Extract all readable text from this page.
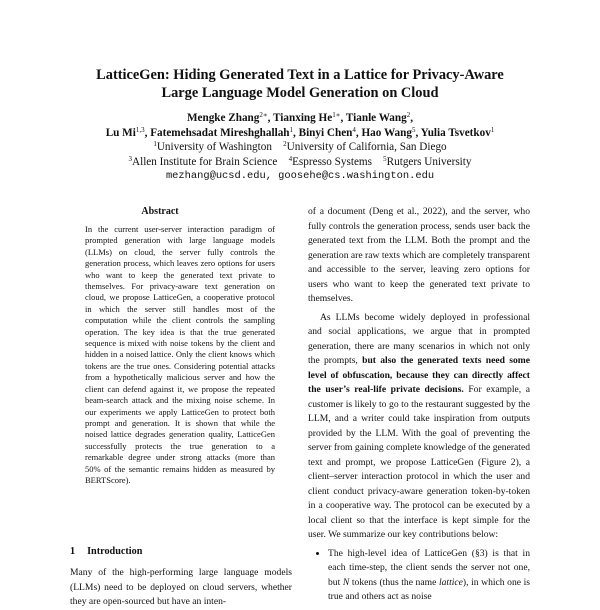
LatticeGen: Hiding Generated Text in a Lattice for Privacy-Aware
Large Language Model Generation on Cloud
Mengke Zhang$^{2∗}$, Tianxing $He^{1∗}$, Tianle Wang$^2$,
Lu Mi$^{1,3}$, Fatemehsadat Mireshghallah$^1$, Binyi Chen$^4$, Hao Wang$^5$, Yulia Tsvetkov$^1$
$^1$University of Washington $^2$University of California, San Diego
$^3$Allen Institute for Brain Science $^4$Espresso Systems $^5$Rutgers University
mezhang@ucsd.edu, goosehe@cs.washington.edu
Abstract
In the current user-server interaction paradigm of prompted generation with large language models (LLMs) on cloud, the server fully controls the generation process, which leaves zero options for users who want to keep the generated text private to themselves. For privacy-aware text generation on cloud, we propose LatticeGen, a cooperative protocol in which the server still handles most of the computation while the client controls the sampling operation. The key idea is that the true generated sequence is mixed with noise tokens by the client and hidden in a noised lattice. Only the client knows which tokens are the true ones. Considering potential attacks from a hypothetically malicious server and how the client can defend against it, we propose the repeated beam-search attack and the mixing noise scheme. In our experiments we apply LatticeGen to protect both prompt and generation. It is shown that while the noised lattice degrades generation quality, LatticeGen successfully protects the true generation to a remarkable degree under strong attacks (more than 50% of the semantic remains hidden as measured by BERTScore).
1 Introduction
Many of the high-performing large language models (LLMs) need to be deployed on cloud servers, whether they are open-sourced but have an inten-

of a document (Deng et al., 2022), and the server, who fully controls the generation process, sends user back the generated text from the LLM. Both the prompt and the generation are raw texts which are completely transparent and accessible to the server, leaving zero options for users who want to keep the generated text private to themselves.

As LLMs become widely deployed in professional and social applications, we argue that in prompted generation, there are many scenarios in which not only the prompts, but also the generated texts need some level of obfuscation, because they can directly affect the user’s real-life private decisions. For example, a customer is likely to go to the restaurant suggested by the LLM, and a writer could take inspiration from outputs provided by the LLM. With the goal of preventing the server from gaining complete knowledge of the generated text and prompt, we propose LatticeGen (Figure 2), a client–server interaction protocol in which the user and client conduct privacy-aware generation token-by-token in a cooperative way. The protocol can be executed by a local client so that the interface is kept simple for the user. We summarize our key contributions below:

• The high-level idea of LatticeGen (§3) is that in each time-step, the client sends the server not one, but N tokens (thus the name lattice), in which one is true and others act as noise
